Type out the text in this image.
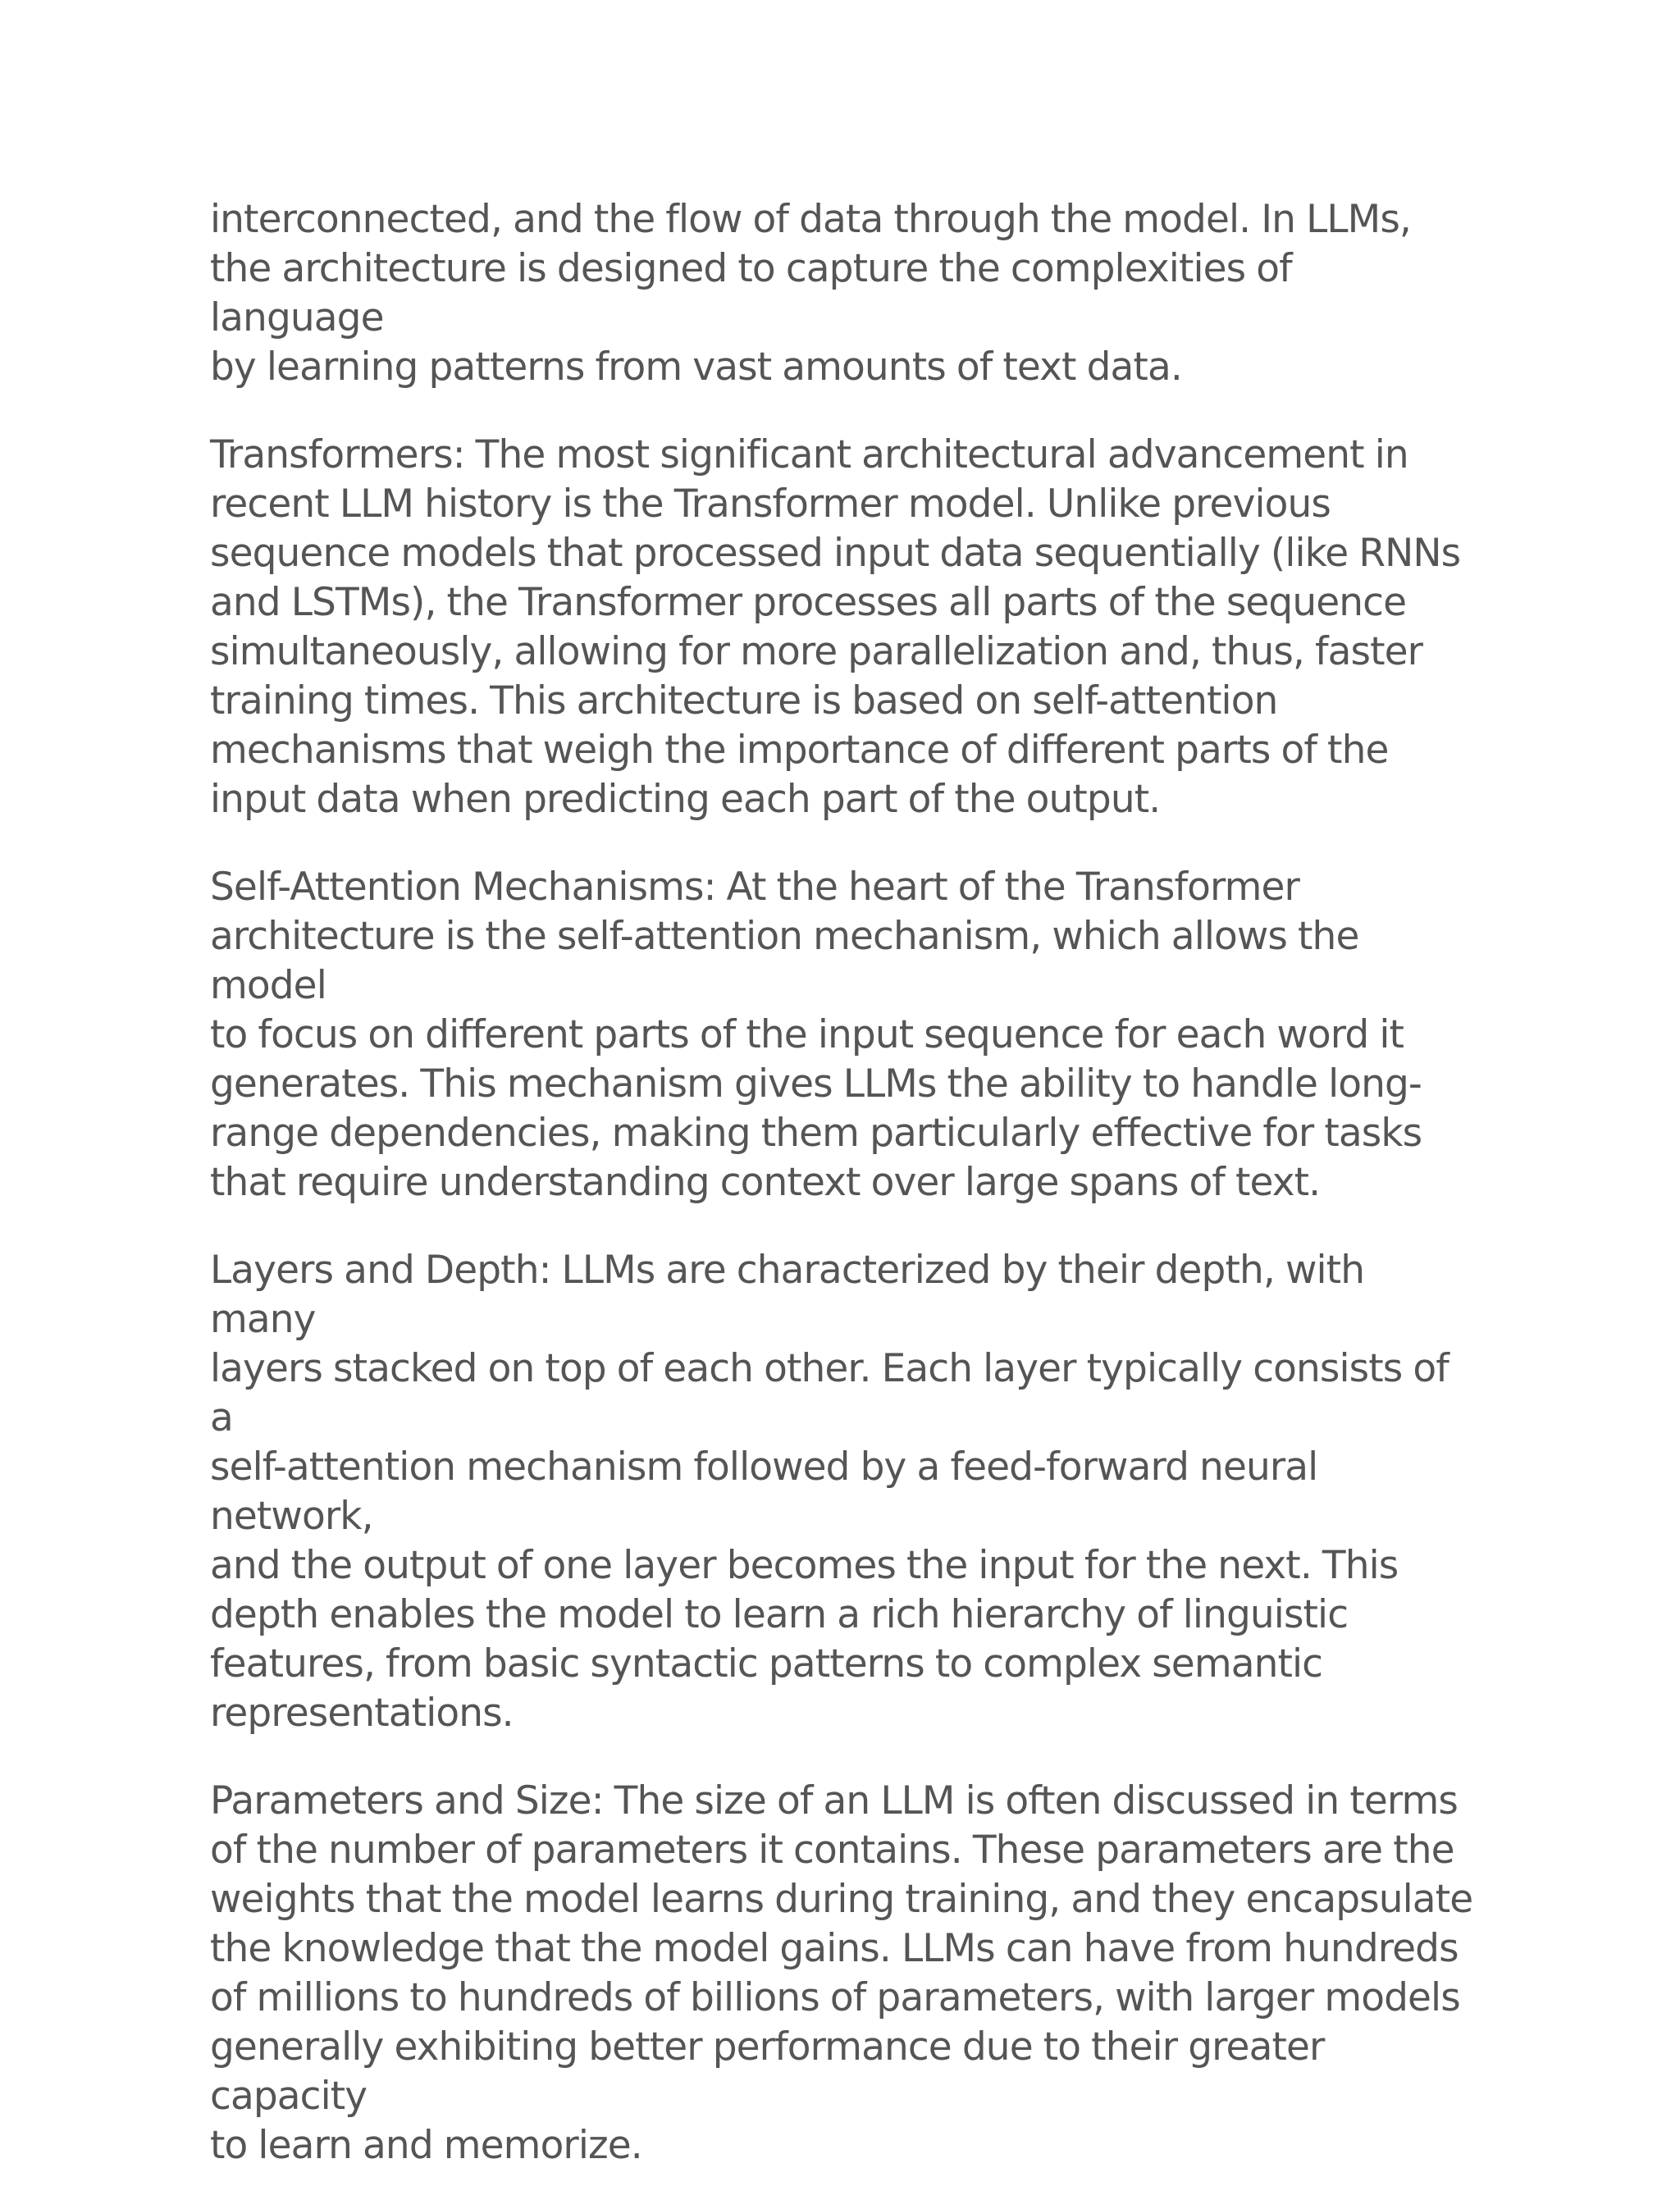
interconnected, and the flow of data through the model. In LLMs,
the architecture is designed to capture the complexities of language
by learning patterns from vast amounts of text data.

Transformers: The most significant architectural advancement in
recent LLM history is the Transformer model. Unlike previous
sequence models that processed input data sequentially (like RNNs
and LSTMs), the Transformer processes all parts of the sequence
simultaneously, allowing for more parallelization and, thus, faster
training times. This architecture is based on self-attention
mechanisms that weigh the importance of different parts of the
input data when predicting each part of the output.

Self-Attention Mechanisms: At the heart of the Transformer
architecture is the self-attention mechanism, which allows the model
to focus on different parts of the input sequence for each word it
generates. This mechanism gives LLMs the ability to handle long-
range dependencies, making them particularly effective for tasks
that require understanding context over large spans of text.

Layers and Depth: LLMs are characterized by their depth, with many
layers stacked on top of each other. Each layer typically consists of a
self-attention mechanism followed by a feed-forward neural network,
and the output of one layer becomes the input for the next. This
depth enables the model to learn a rich hierarchy of linguistic
features, from basic syntactic patterns to complex semantic
representations.

Parameters and Size: The size of an LLM is often discussed in terms
of the number of parameters it contains. These parameters are the
weights that the model learns during training, and they encapsulate
the knowledge that the model gains. LLMs can have from hundreds
of millions to hundreds of billions of parameters, with larger models
generally exhibiting better performance due to their greater capacity
to learn and memorize.
